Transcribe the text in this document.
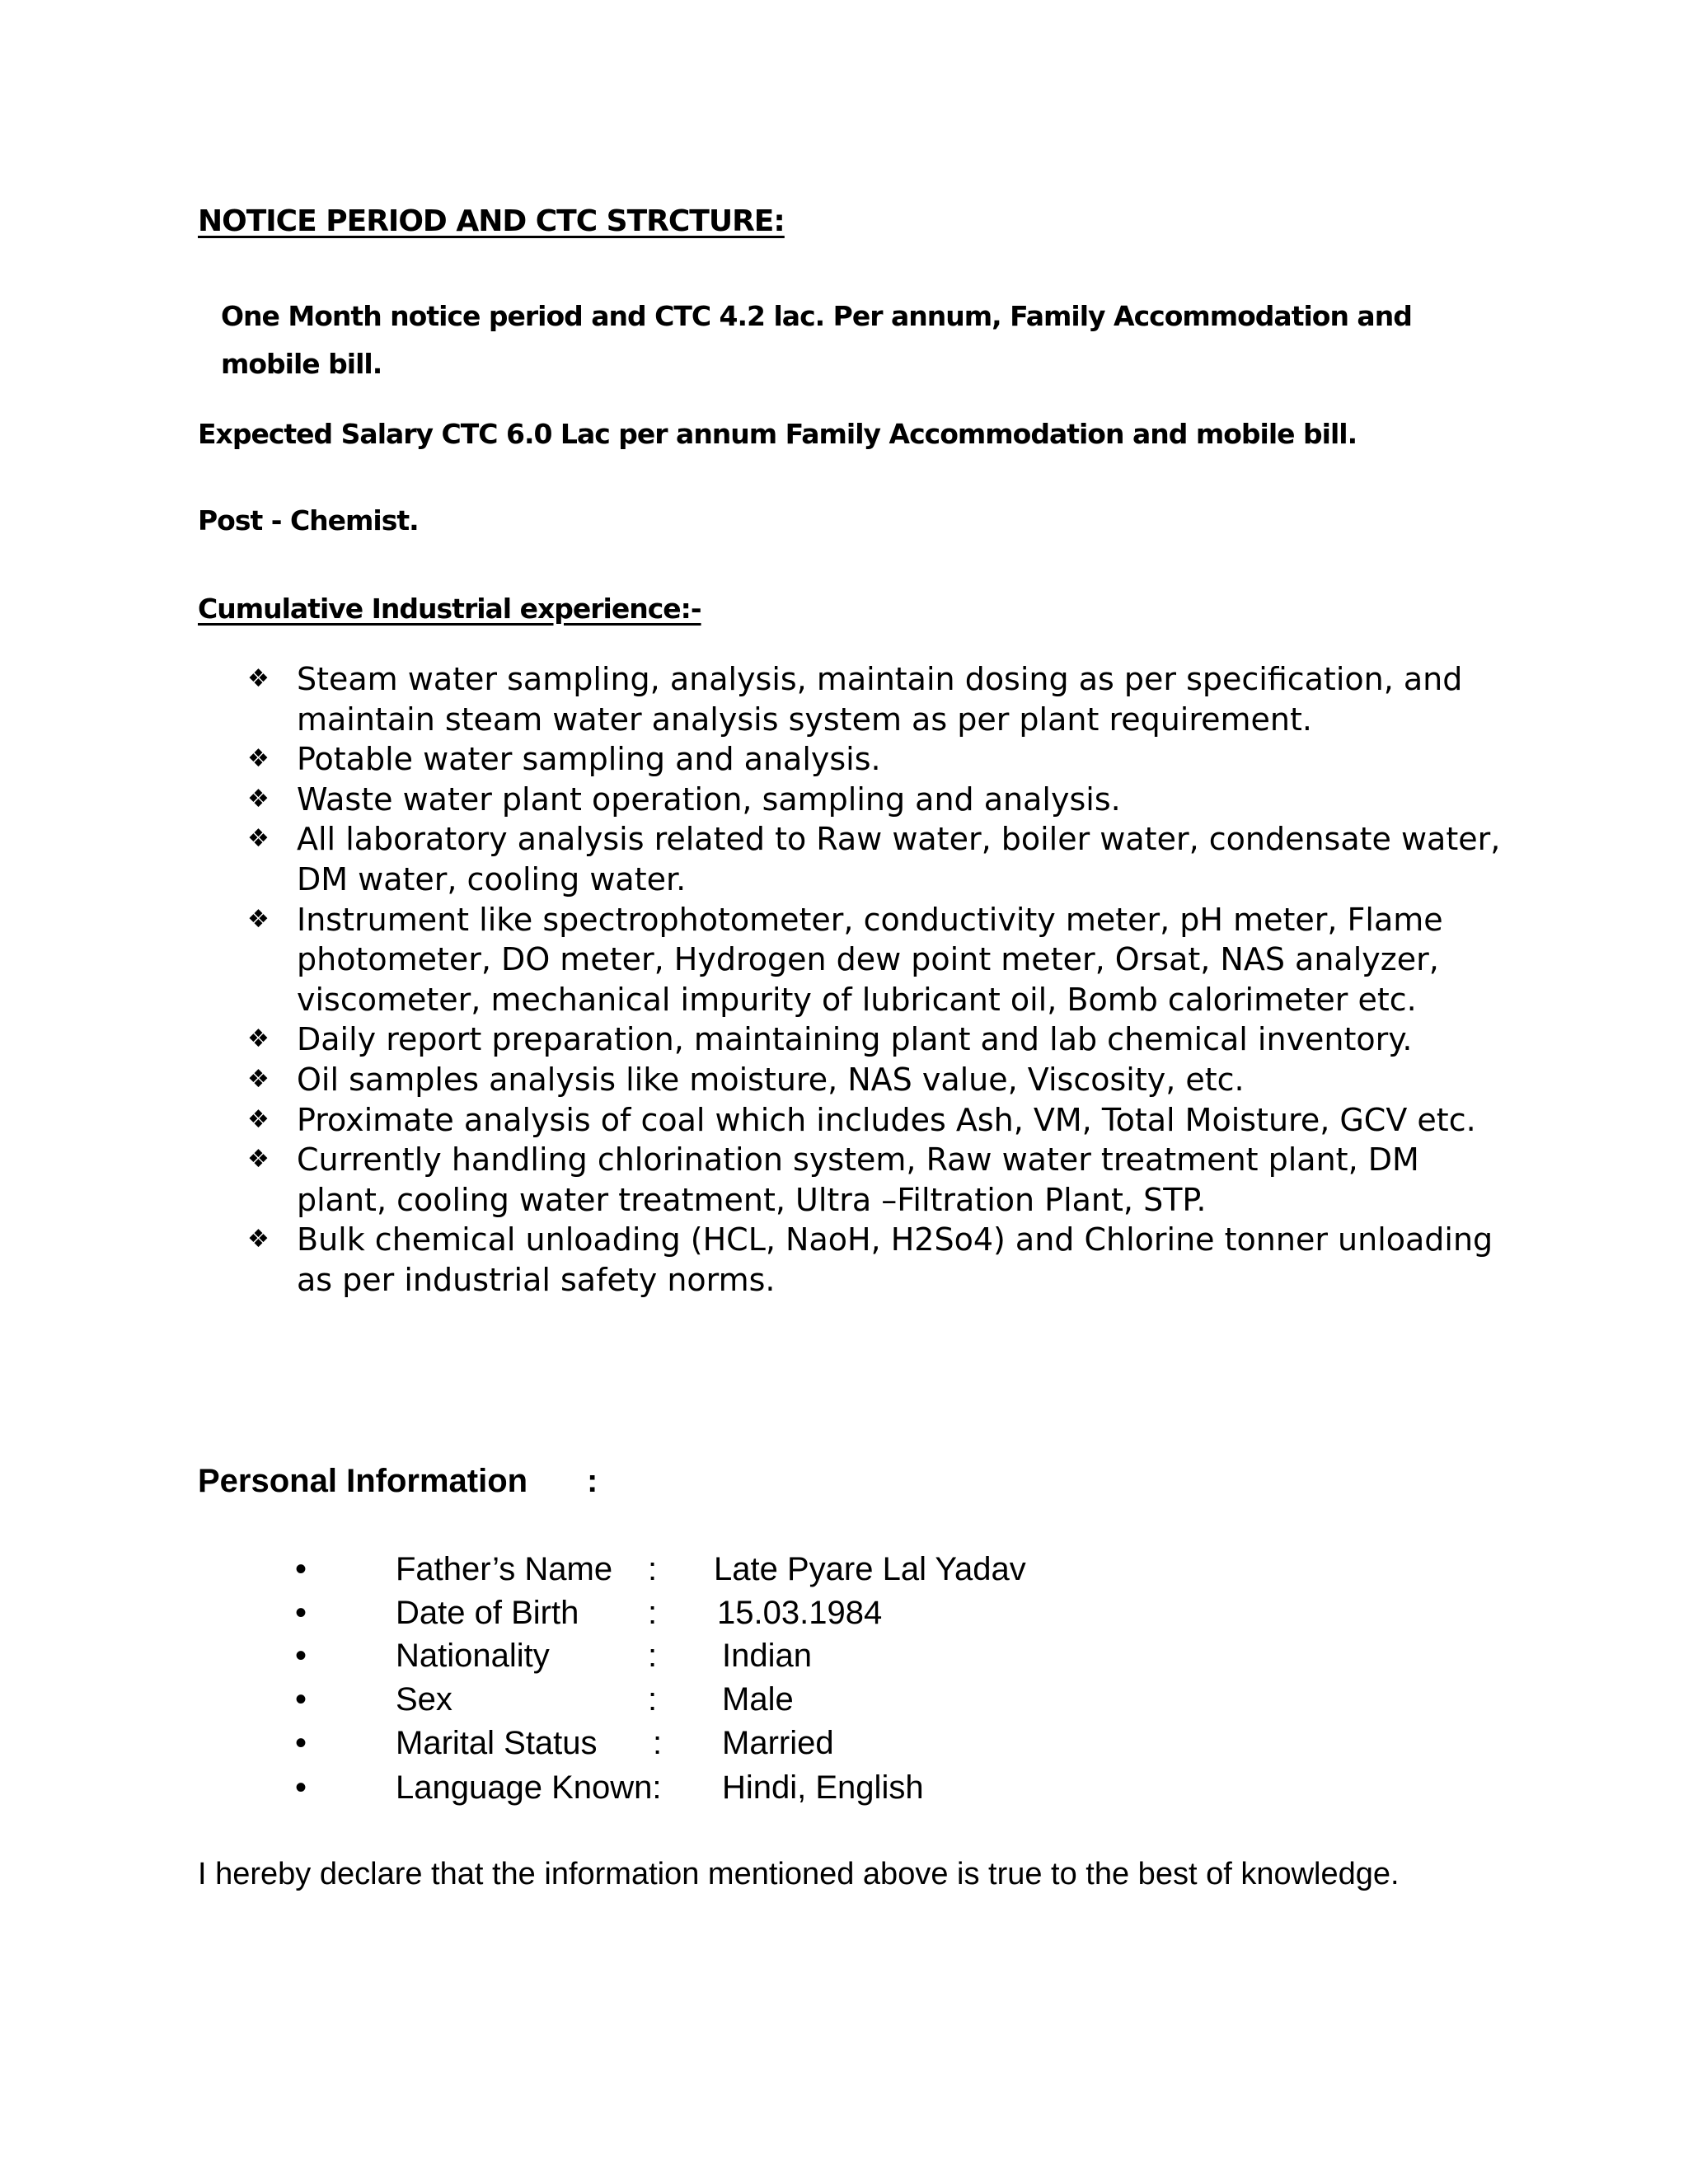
NOTICE PERIOD AND CTC STRCTURE:
One Month notice period and CTC 4.2 lac. Per annum, Family Accommodation and mobile bill.
Expected Salary CTC 6.0 Lac per annum Family Accommodation and mobile bill.
Post - Chemist.
Cumulative Industrial experience:-
❖ Steam water sampling, analysis, maintain dosing as per specification, and maintain steam water analysis system as per plant requirement.
❖ Potable water sampling and analysis.
❖ Waste water plant operation, sampling and analysis.
❖ All laboratory analysis related to Raw water, boiler water, condensate water, DM water, cooling water.
❖ Instrument like spectrophotometer, conductivity meter, pH meter, Flame photometer, DO meter, Hydrogen dew point meter, Orsat, NAS analyzer, viscometer, mechanical impurity of lubricant oil, Bomb calorimeter etc.
❖ Daily report preparation, maintaining plant and lab chemical inventory.
❖ Oil samples analysis like moisture, NAS value, Viscosity, etc.
❖ Proximate analysis of coal which includes Ash, VM, Total Moisture, GCV etc.
❖ Currently handling chlorination system, Raw water treatment plant, DM plant, cooling water treatment, Ultra –Filtration Plant, STP.
❖ Bulk chemical unloading (HCL, NaoH, H2So4) and Chlorine tonner unloading as per industrial safety norms.
Personal Information :
•	Father’s Name : Late Pyare Lal Yadav
•	Date of Birth : 15.03.1984
•	Nationality	: Indian
•	Sex	: Male
•	Marital Status : Married
•	Language Known: Hindi, English
I hereby declare that the information mentioned above is true to the best of knowledge.
